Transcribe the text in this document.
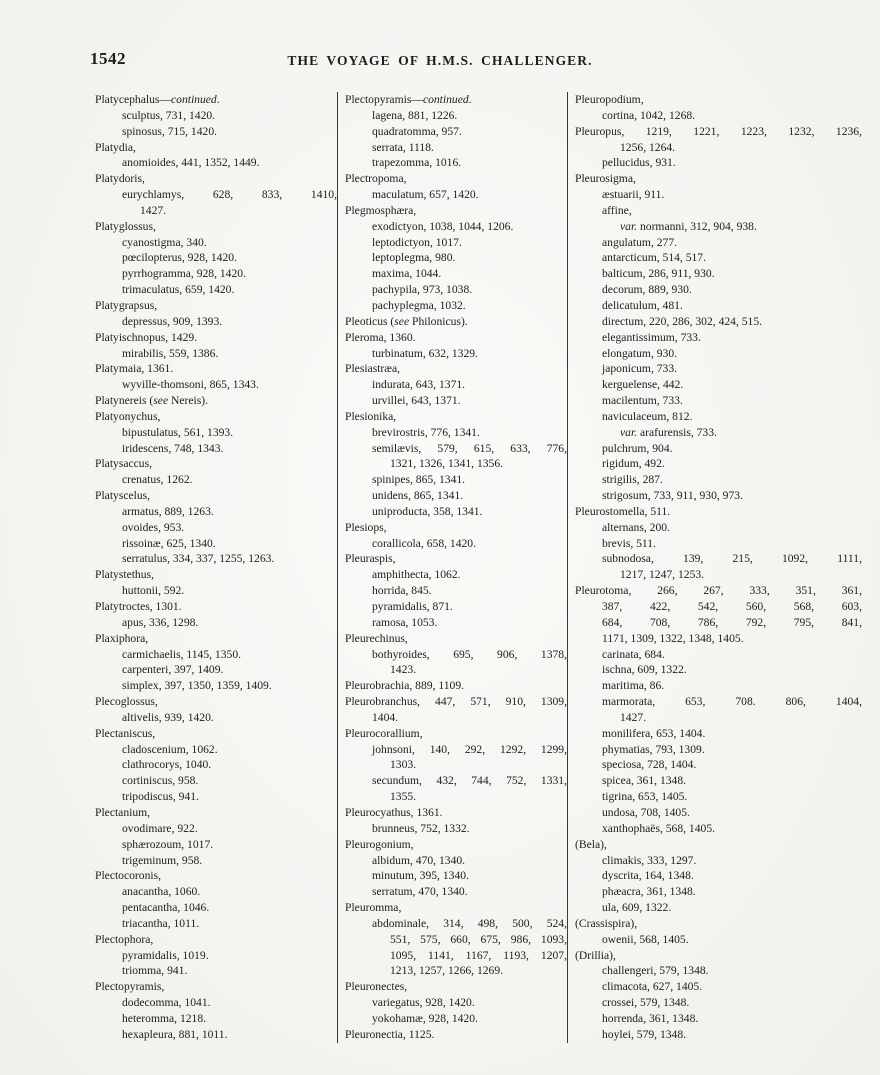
1542	THE VOYAGE OF H.M.S. CHALLENGER.
Platycephalus—continued.
sculptus, 731, 1420.
spinosus, 715, 1420.
Platydia,
anomioides, 441, 1352, 1449.
Platydoris,
eurychlamys, 628, 833, 1410,
1427.
Platyglossus,
cyanostigma, 340.
pœcilopterus, 928, 1420.
pyrrhogramma, 928, 1420.
trimaculatus, 659, 1420.
Platygrapsus,
depressus, 909, 1393.
Platyischnopus, 1429.
mirabilis, 559, 1386.
Platymaia, 1361.
wyville-thomsoni, 865, 1343.
Platynereis (see Nereis).
Platyonychus,
bipustulatus, 561, 1393.
iridescens, 748, 1343.
Platysaccus,
crenatus, 1262.
Platyscelus,
armatus, 889, 1263.
ovoides, 953.
rissoinæ, 625, 1340.
serratulus, 334, 337, 1255, 1263.
Platystethus,
huttonii, 592.
Platytroctes, 1301.
apus, 336, 1298.
Plaxiphora,
carmichaelis, 1145, 1350.
carpenteri, 397, 1409.
simplex, 397, 1350, 1359, 1409.
Plecoglossus,
altivelis, 939, 1420.
Plectaniscus,
cladoscenium, 1062.
clathrocorys, 1040.
cortiniscus, 958.
tripodiscus, 941.
Plectanium,
ovodimare, 922.
sphærozoum, 1017.
trigeminum, 958.
Plectocoronis,
anacantha, 1060.
pentacantha, 1046.
triacantha, 1011.
Plectophora,
pyramidalis, 1019.
triomma, 941.
Plectopyramis,
dodecomma, 1041.
heteromma, 1218.
hexapleura, 881, 1011.
Plectopyramis—continued.
lagena, 881, 1226.
quadratomma, 957.
serrata, 1118.
trapezomma, 1016.
Plectropoma,
maculatum, 657, 1420.
Plegmosphæra,
exodictyon, 1038, 1044, 1206.
leptodictyon, 1017.
leptoplegma, 980.
maxima, 1044.
pachypila, 973, 1038.
pachyplegma, 1032.
Pleoticus (see Philonicus).
Pleroma, 1360.
turbinatum, 632, 1329.
Plesiastræa,
indurata, 643, 1371.
urvillei, 643, 1371.
Plesionika,
brevirostris, 776, 1341.
semilævis, 579, 615, 633, 776,
1321, 1326, 1341, 1356.
spinipes, 865, 1341.
unidens, 865, 1341.
uniproducta, 358, 1341.
Plesiops,
corallicola, 658, 1420.
Pleuraspis,
amphithecta, 1062.
horrida, 845.
pyramidalis, 871.
ramosa, 1053.
Pleurechinus,
bothyroides, 695, 906, 1378,
1423.
Pleurobrachia, 889, 1109.
Pleurobranchus, 447, 571, 910, 1309,
1404.
Pleurocorallium,
johnsoni, 140, 292, 1292, 1299,
1303.
secundum, 432, 744, 752, 1331,
1355.
Pleurocyathus, 1361.
brunneus, 752, 1332.
Pleurogonium,
albidum, 470, 1340.
minutum, 395, 1340.
serratum, 470, 1340.
Pleuromma,
abdominale, 314, 498, 500, 524,
551, 575, 660, 675, 986, 1093,
1095, 1141, 1167, 1193, 1207,
1213, 1257, 1266, 1269.
Pleuronectes,
variegatus, 928, 1420.
yokohamæ, 928, 1420.
Pleuronectia, 1125.
Pleuropodium,
cortina, 1042, 1268.
Pleuropus, 1219, 1221, 1223, 1232, 1236,
1256, 1264.
pellucidus, 931.
Pleurosigma,
æstuarii, 911.
affine,
var. normanni, 312, 904, 938.
angulatum, 277.
antarcticum, 514, 517.
balticum, 286, 911, 930.
decorum, 889, 930.
delicatulum, 481.
directum, 220, 286, 302, 424, 515.
elegantissimum, 733.
elongatum, 930.
japonicum, 733.
kerguelense, 442.
macilentum, 733.
naviculaceum, 812.
var. arafurensis, 733.
pulchrum, 904.
rigidum, 492.
strigilis, 287.
strigosum, 733, 911, 930, 973.
Pleurostomella, 511.
alternans, 200.
brevis, 511.
subnodosa, 139, 215, 1092, 1111,
1217, 1247, 1253.
Pleurotoma, 266, 267, 333, 351, 361,
387, 422, 542, 560, 568, 603,
684, 708, 786, 792, 795, 841,
1171, 1309, 1322, 1348, 1405.
carinata, 684.
ischna, 609, 1322.
maritima, 86.
marmorata, 653, 708. 806, 1404,
1427.
monilifera, 653, 1404.
phymatias, 793, 1309.
speciosa, 728, 1404.
spicea, 361, 1348.
tigrina, 653, 1405.
undosa, 708, 1405.
xanthophaës, 568, 1405.
(Bela),
climakis, 333, 1297.
dyscrita, 164, 1348.
phæacra, 361, 1348.
ula, 609, 1322.
(Crassispira),
owenii, 568, 1405.
(Drillia),
challengeri, 579, 1348.
climacota, 627, 1405.
crossei, 579, 1348.
horrenda, 361, 1348.
hoylei, 579, 1348.
